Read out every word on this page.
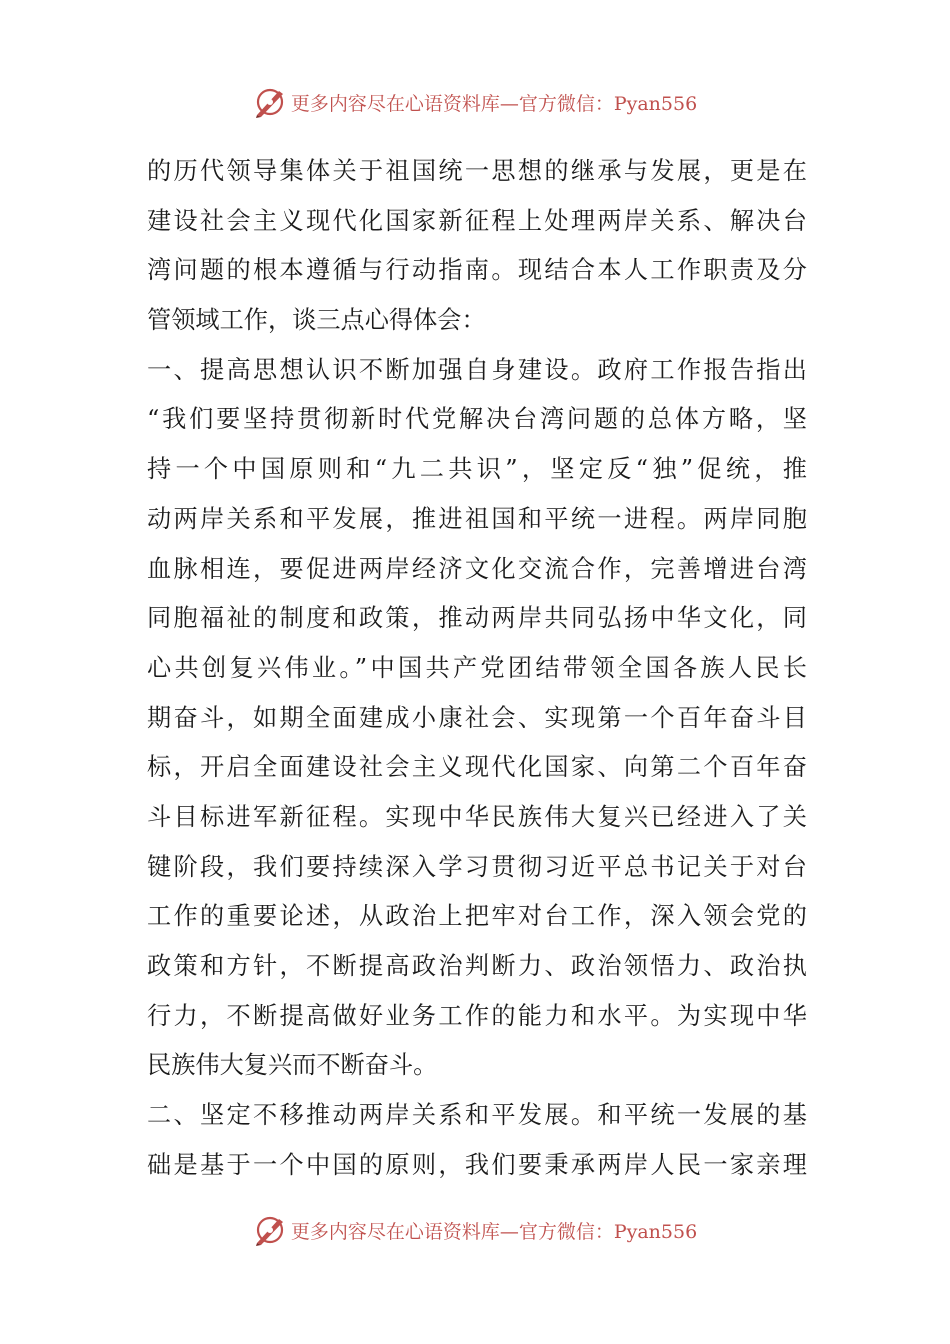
更多内容尽在心语资料库—官方微信：Pyan556
的历代领导集体关于祖国统一思想的继承与发展，更是在
建设社会主义现代化国家新征程上处理两岸关系、解决台
湾问题的根本遵循与行动指南。现结合本人工作职责及分
管领域工作，谈三点心得体会：
一、提高思想认识不断加强自身建设。政府工作报告指出
“我们要坚持贯彻新时代党解决台湾问题的总体方略，坚
持一个中国原则和“九二共识”，坚定反“独”促统，推
动两岸关系和平发展，推进祖国和平统一进程。两岸同胞
血脉相连，要促进两岸经济文化交流合作，完善增进台湾
同胞福祉的制度和政策，推动两岸共同弘扬中华文化，同
心共创复兴伟业。”中国共产党团结带领全国各族人民长
期奋斗，如期全面建成小康社会、实现第一个百年奋斗目
标，开启全面建设社会主义现代化国家、向第二个百年奋
斗目标进军新征程。实现中华民族伟大复兴已经进入了关
键阶段，我们要持续深入学习贯彻习近平总书记关于对台
工作的重要论述，从政治上把牢对台工作，深入领会党的
政策和方针，不断提高政治判断力、政治领悟力、政治执
行力，不断提高做好业务工作的能力和水平。为实现中华
民族伟大复兴而不断奋斗。
二、坚定不移推动两岸关系和平发展。和平统一发展的基
础是基于一个中国的原则，我们要秉承两岸人民一家亲理
更多内容尽在心语资料库—官方微信：Pyan556
